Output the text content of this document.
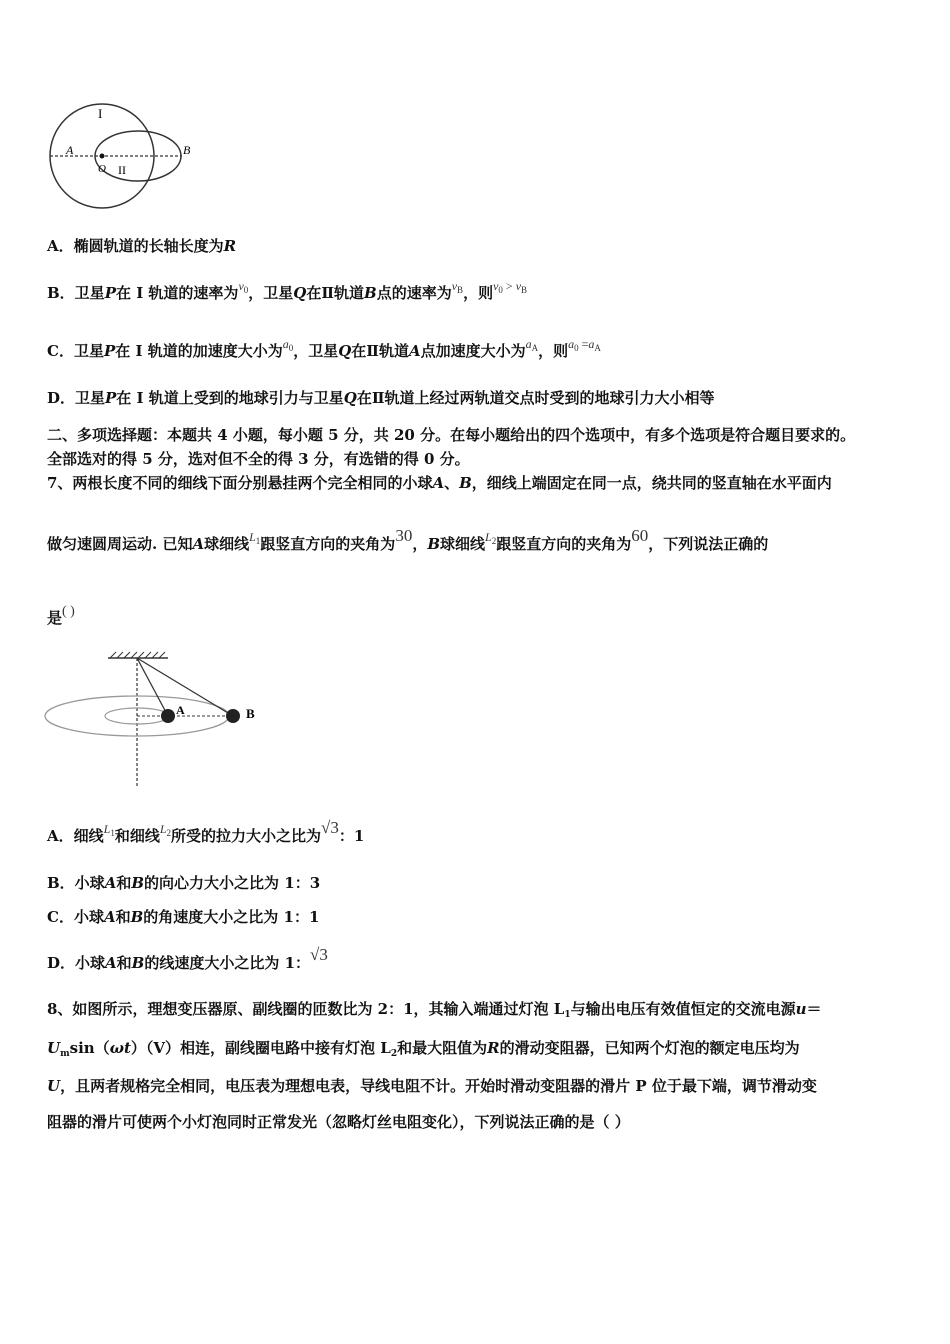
I
II
A	B
O
A．椭圆轨道的长轴长度为R
B．卫星P在 I 轨道的速率为$^{v_0}$，卫星Q在Ⅱ轨道B点的速率为$^{v_B}$，则$^{v_0 > v_B}$
C．卫星P在 I 轨道的加速度大小为$^{a_0}$，卫星Q在Ⅱ轨道A点加速度大小为$^{a_A}$，则$^{a_0 =a_A}$
D．卫星P在 I 轨道上受到的地球引力与卫星Q在Ⅱ轨道上经过两轨道交点时受到的地球引力大小相等
二、多项选择题：本题共 4 小题，每小题 5 分，共 20 分。在每小题给出的四个选项中，有多个选项是符合题目要求的。
全部选对的得 5 分，选对但不全的得 3 分，有选错的得 0 分。
7、两根长度不同的细线下面分别悬挂两个完全相同的小球A、B，细线上端固定在同一点，绕共同的竖直轴在水平面内
做匀速圆周运动. 已知A球细线$^{L_1}$跟竖直方向的夹角为30，B球细线$^{L_2}$跟竖直方向的夹角为60，下列说法正确的
是( )
A	B
A．细线$^{L_1}$和细线$^{L_2}$所受的拉力大小之比为√3：1
B．小球A和B的向心力大小之比为 1：3
C．小球A和B的角速度大小之比为 1：1
D．小球A和B的线速度大小之比为 1：√3
8、如图所示，理想变压器原、副线圈的匝数比为 2：1，其输入端通过灯泡 $L_1$与输出电压有效值恒定的交流电源u＝
$U_m\sin(\omega t)(V)$相连，副线圈电路中接有灯泡 $L_2$和最大阻值为R的滑动变阻器，已知两个灯泡的额定电压均为
U，且两者规格完全相同，电压表为理想电表，导线电阻不计。开始时滑动变阻器的滑片 P 位于最下端，调节滑动变
阻器的滑片可使两个小灯泡同时正常发光（忽略灯丝电阻变化），下列说法正确的是（ ）
